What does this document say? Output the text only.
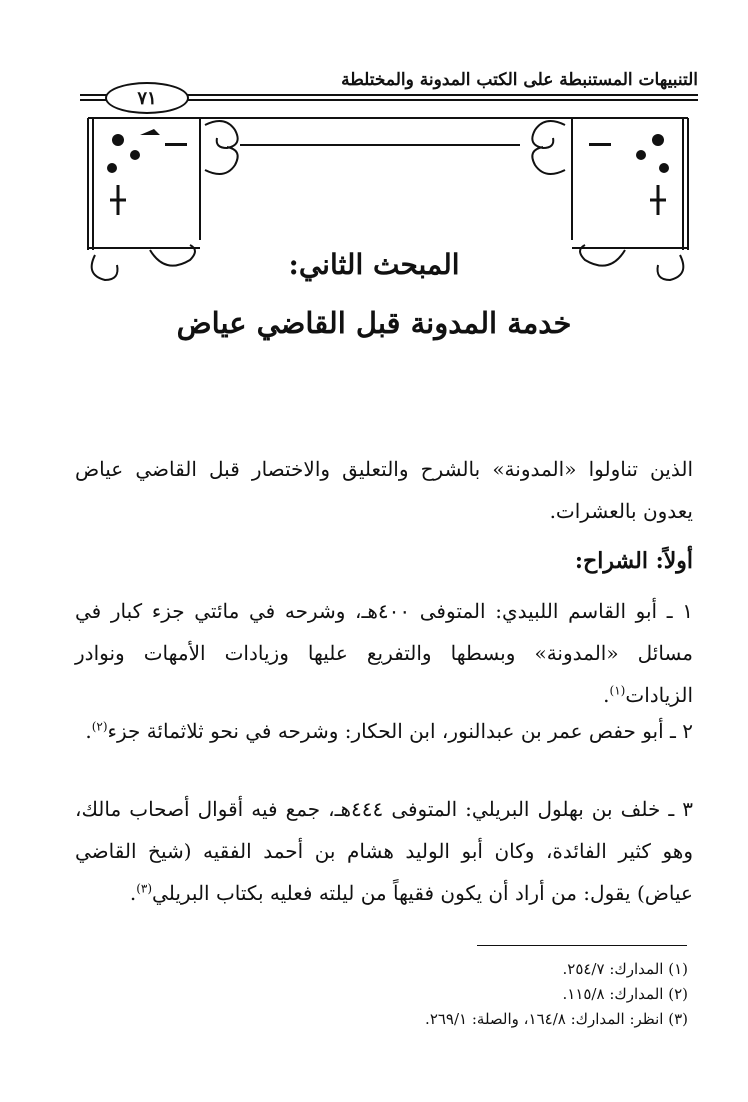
التنبيهات المستنبطة على الكتب المدونة والمختلطة
٧١
المبحث الثاني:
خدمة المدونة قبل القاضي عياض

الذين تناولوا «المدونة» بالشرح والتعليق والاختصار قبل القاضي عياض يعدون بالعشرات.

أولاً: الشراح:

١ ـ أبو القاسم اللبيدي: المتوفى ٤٠٠هـ، وشرحه في مائتي جزء كبار في مسائل «المدونة» وبسطها والتفريع عليها وزيادات الأمهات ونوادر الزيادات$^{(١)}$.

٢ ـ أبو حفص عمر بن عبدالنور، ابن الحكار: وشرحه في نحو ثلاثمائة جزء$^{(٢)}$.

٣ ـ خلف بن بهلول البريلي: المتوفى ٤٤٤هـ، جمع فيه أقوال أصحاب مالك، وهو كثير الفائدة، وكان أبو الوليد هشام بن أحمد الفقيه (شيخ القاضي عياض) يقول: من أراد أن يكون فقيهاً من ليلته فعليه بكتاب البريلي$^{(٣)}$.

(١) المدارك: ٢٥٤/٧.
(٢) المدارك: ١١٥/٨.
(٣) انظر: المدارك: ١٦٤/٨، والصلة: ٢٦٩/١.
